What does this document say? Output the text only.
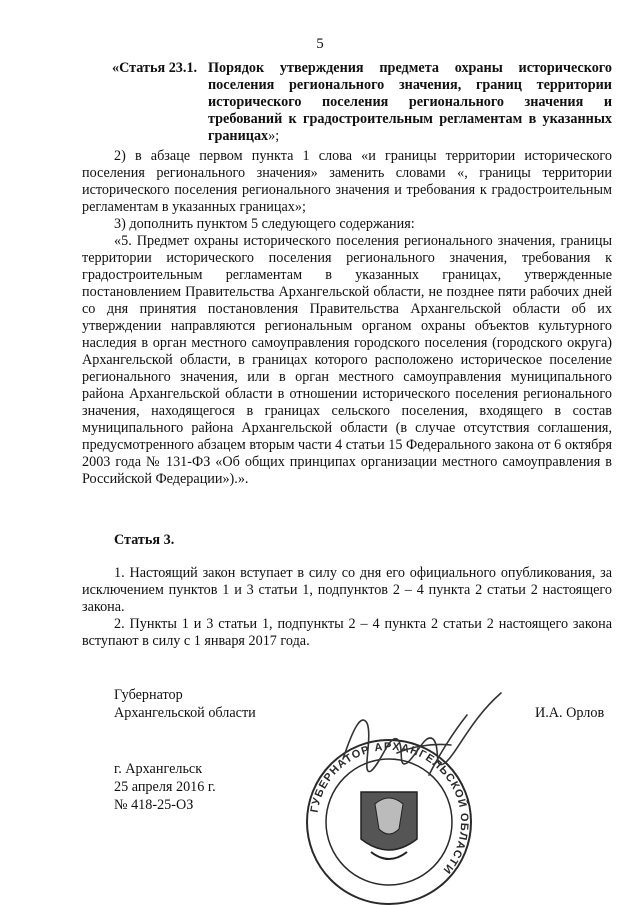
5
«Статья 23.1. Порядок утверждения предмета охраны исторического поселения регионального значения, границ территории исторического поселения регионального значения и требований к градостроительным регламентам в указанных границах»;

2) в абзаце первом пункта 1 слова «и границы территории исторического поселения регионального значения» заменить словами «, границы территории исторического поселения регионального значения и требования к градостроительным регламентам в указанных границах»;

3) дополнить пунктом 5 следующего содержания:

«5. Предмет охраны исторического поселения регионального значения, границы территории исторического поселения регионального значения, требования к градостроительным регламентам в указанных границах, утвержденные постановлением Правительства Архангельской области, не позднее пяти рабочих дней со дня принятия постановления Правительства Архангельской области об их утверждении направляются региональным органом охраны объектов культурного наследия в орган местного самоуправления городского поселения (городского округа) Архангельской области, в границах которого расположено историческое поселение регионального значения, или в орган местного самоуправления муниципального района Архангельской области в отношении исторического поселения регионального значения, находящегося в границах сельского поселения, входящего в состав муниципального района Архангельской области (в случае отсутствия соглашения, предусмотренного абзацем вторым части 4 статьи 15 Федерального закона от 6 октября 2003 года № 131-ФЗ «Об общих принципах организации местного самоуправления в Российской Федерации»).».

Статья 3.

1. Настоящий закон вступает в силу со дня его официального опубликования, за исключением пунктов 1 и 3 статьи 1, подпунктов 2 – 4 пункта 2 статьи 2 настоящего закона.

2. Пункты 1 и 3 статьи 1, подпункты 2 – 4 пункта 2 статьи 2 настоящего закона вступают в силу с 1 января 2017 года.

Губернатор
Архангельской области	И.А. Орлов
г. Архангельск
25 апреля 2016 г.
№ 418-25-ОЗ	ГУБЕРНАТОР АРХАНГЕЛЬСКОЙ ОБЛАСТИ
